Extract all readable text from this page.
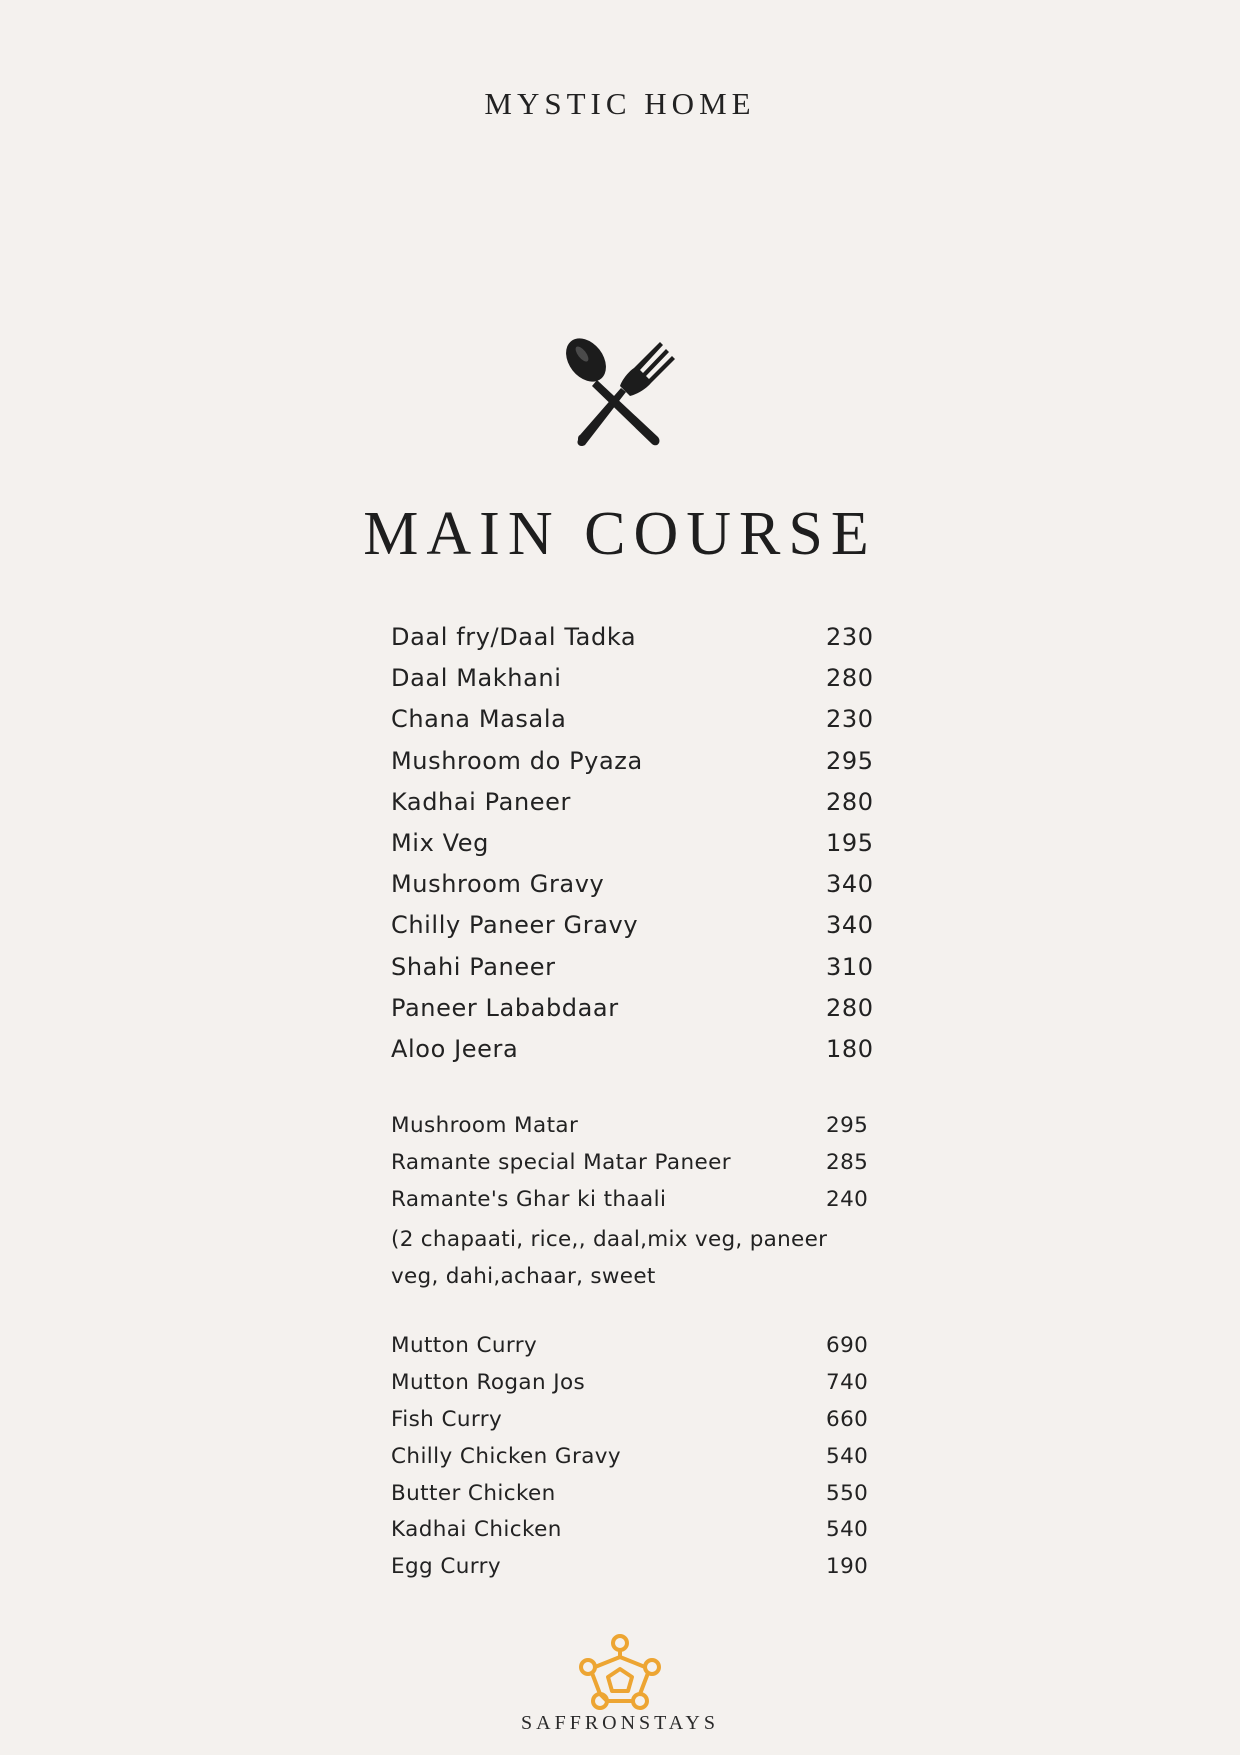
MYSTIC HOME
MAIN COURSE
Daal fry/Daal Tadka	230
Daal Makhani	280
Chana Masala	230
Mushroom do Pyaza	295
Kadhai Paneer	280
Mix Veg	195
Mushroom Gravy	340
Chilly Paneer Gravy	340
Shahi Paneer	310
Paneer Lababdaar	280
Aloo Jeera	180
Mushroom Matar	295
Ramante special Matar Paneer	285
Ramante's Ghar ki thaali	240
(2 chapaati, rice,, daal,mix veg, paneer veg, dahi,achaar, sweet
Mutton Curry	690
Mutton Rogan Jos	740
Fish Curry	660
Chilly Chicken Gravy	540
Butter Chicken	550
Kadhai Chicken	540
Egg Curry	190
SAFFRONSTAYS
